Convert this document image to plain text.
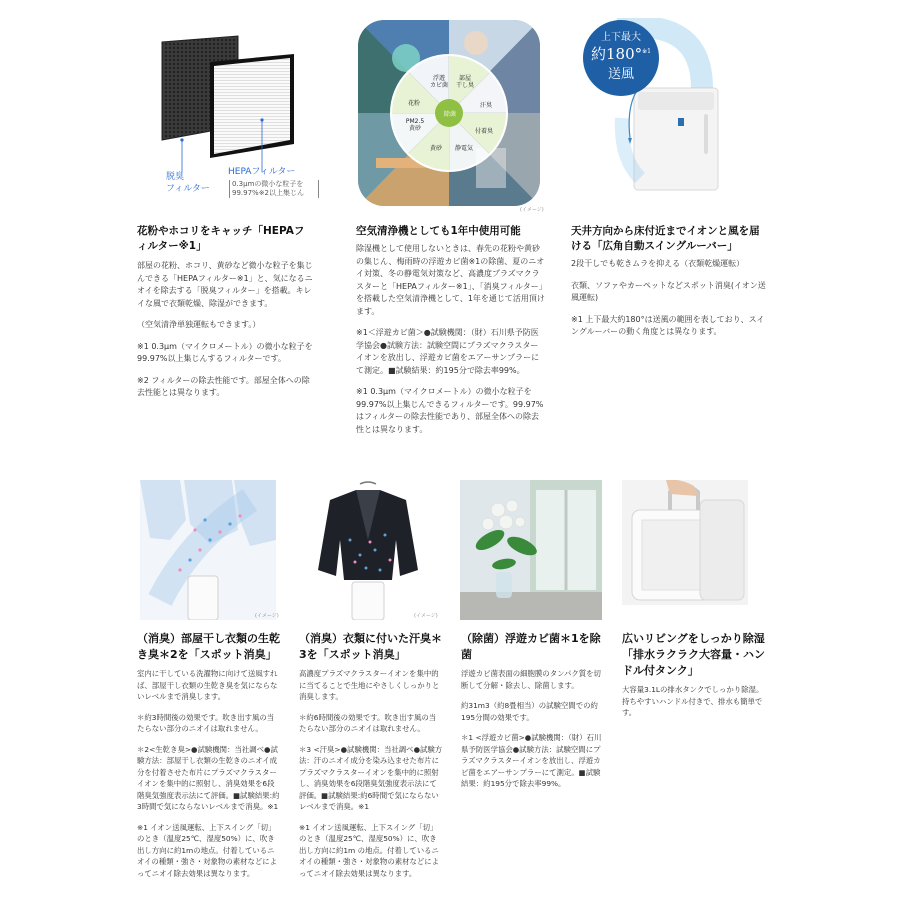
脱臭
フィルター
HEPAフィルター
0.3μmの微小な粒子を
99.97%※2以上集じん
浮遊
カビ菌
部屋
干し臭
汗臭
付着臭
静電気
黄砂
PM2.5
黄砂
花粉
除菌
(イメージ)
上下最大
約180°$^{※1}$
送風
花粉やホコリをキャッチ「HEPAフィルター※1」

部屋の花粉、ホコリ、黄砂など微小な粒子を集じんできる「HEPAフィルター※1」と、気になるニオイを除去する「脱臭フィルター」を搭載。キレイな風で衣類乾燥、除湿ができます。

（空気清浄単独運転もできます。）

※1 0.3μm（マイクロメートル）の微小な粒子を99.97%以上集じんするフィルターです。

※2 フィルターの除去性能です。部屋全体への除去性能とは異なります。

空気清浄機としても1年中使用可能

除湿機として使用しないときは、春先の花粉や黄砂の集じん、梅雨時の浮遊カビ菌※1の除菌、夏のニオイ対策、冬の静電気対策など、高濃度プラズマクラスターと「HEPAフィルター※1」、「消臭フィルター」を搭載した空気清浄機として、1年を通じて活用頂けます。

※1＜浮遊カビ菌＞●試験機関：（財）石川県予防医学協会●試験方法：試験空間にプラズマクラスターイオンを放出し、浮遊カビ菌をエアーサンプラーにて測定。■試験結果：約195分で除去率99%。

※1 0.3μm（マイクロメートル）の微小な粒子を99.97%以上集じんできるフィルターです。99.97%はフィルターの除去性能であり、部屋全体への除去性とは異なります。

天井方向から床付近までイオンと風を届ける「広角自動スイングルーバー」

2段干しでも乾きムラを抑える（衣類乾燥運転）

衣類、ソファやカーペットなどスポット消臭(イオン送風運転)

※1 上下最大約180°は送風の範囲を表しており、スイングルーバーの動く角度とは異なります。

(イメージ)	(イメージ)
（消臭）部屋干し衣類の生乾き臭＊2を「スポット消臭」

室内に干している洗濯物に向けて送風すれば、部屋干し衣類の生乾き臭を気にならないレベルまで消臭します。

＊約3時間後の効果です。吹き出す風の当たらない部分のニオイは取れません。

＊2<生乾き臭>●試験機関：当社調べ●試験方法：部屋干し衣類の生乾きのニオイ成分を付着させた布片にプラズマクラスターイオンを集中的に照射し、消臭効果を6段階臭気強度表示法にて評価。■試験結果:約3時間で気にならないレベルまで消臭。※1

※1 イオン送風運転、上下スイング「切」のとき（温度25℃、湿度50%）に、吹き出し方向に約1mの地点。付着しているニオイの種類・強さ・対象物の素材などによってニオイ除去効果は異なります。

（消臭）衣類に付いた汗臭＊3を「スポット消臭」

高濃度プラズマクラスターイオンを集中的に当てることで生地にやさしくしっかりと消臭します。

＊約6時間後の効果です。吹き出す風の当たらない部分のニオイは取れません。

＊3 <汗臭>●試験機関：当社調べ●試験方法：汗のニオイ成分を染み込ませた布片にプラズマクラスターイオンを集中的に照射し、消臭効果を6段階臭気強度表示法にて評価。■試験結果:約6時間で気にならないレベルまで消臭。※1

※1 イオン送風運転、上下スイング「切」のとき（温度25℃、湿度50%）に、吹き出し方向に約1m の地点。付着しているニオイの種類・強さ・対象物の素材などによってニオイ除去効果は異なります。

（除菌）浮遊カビ菌＊1を除菌

浮遊カビ菌表面の細胞膜のタンパク質を切断して分解・除去し、除菌します。

約31m3（約8畳相当）の試験空間での約195分間の効果です。

＊1 <浮遊カビ菌>●試験機関：（財）石川県予防医学協会●試験方法：試験空間にプラズマクラスターイオンを放出し、浮遊カビ菌をエアーサンプラーにて測定。■試験結果：約195分で除去率99%。

広いリビングをしっかり除湿「排水ラクラク大容量・ハンドル付タンク」

大容量3.1Lの排水タンクでしっかり除湿。持ちやすいハンドル付きで、排水も簡単です。
